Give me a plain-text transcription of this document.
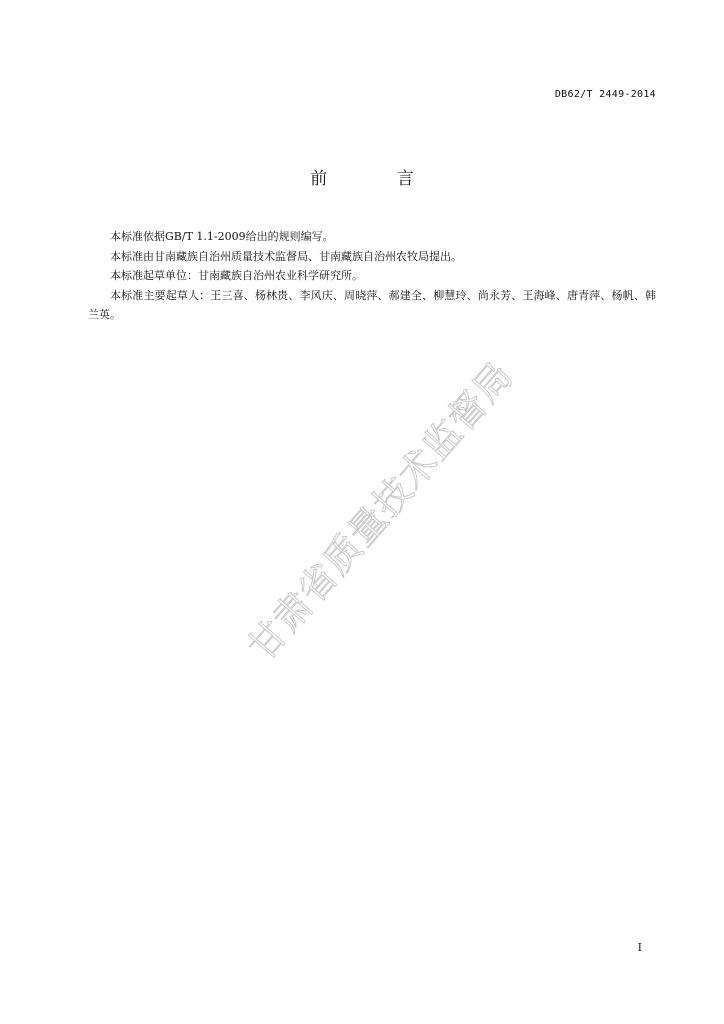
DB62/T 2449-2014
前 言

本标准依据GB/T 1.1-2009给出的规则编写。

本标准由甘南藏族自治州质量技术监督局、甘南藏族自治州农牧局提出。

本标准起草单位：甘南藏族自治州农业科学研究所。

本标准主要起草人：王三喜、杨林贵、李风庆、周晓萍、郝建全、柳慧玲、尚永芳、王海峰、唐青萍、杨帆、韩兰英。

甘肃省质量技术监督局
I
